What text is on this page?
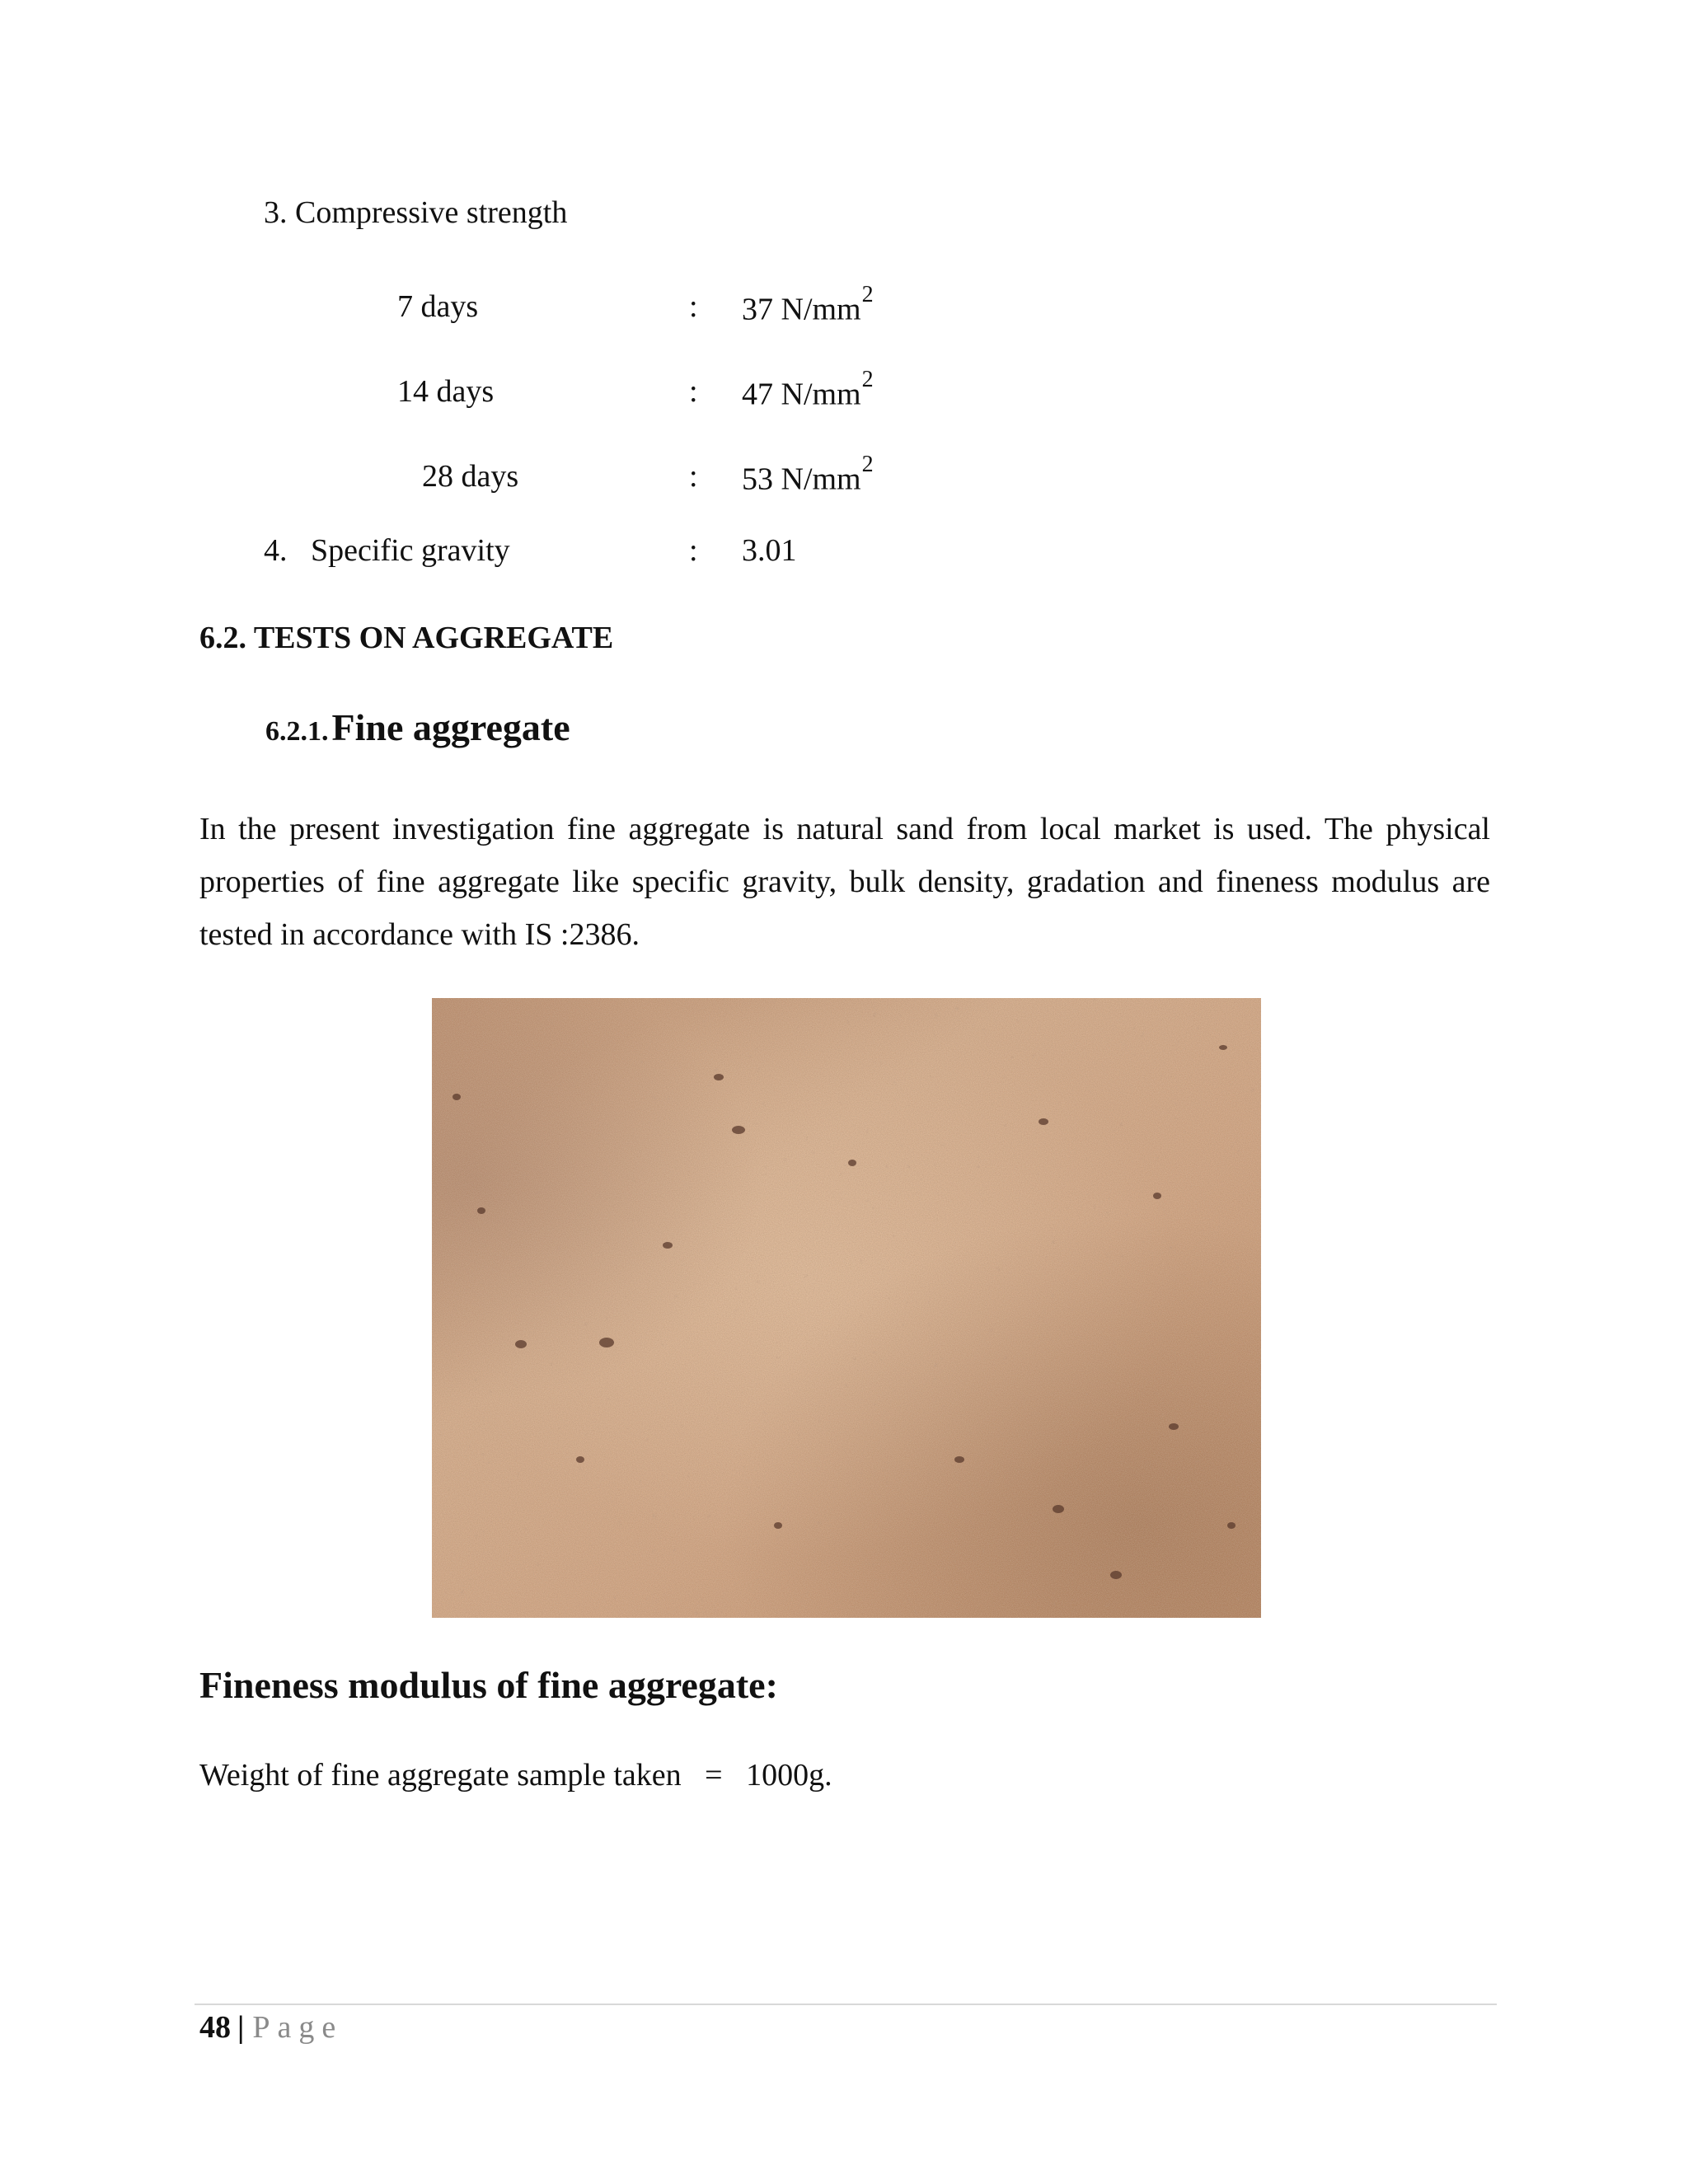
3. Compressive strength
7 days	: 37 $N/mm^2$
14 days	: 47 $N/mm^2$
28 days	: 53 $N/mm^2$
4.   Specific gravity	: 3.01
6.2. TESTS ON AGGREGATE
6.2.1. Fine aggregate
In the present investigation fine aggregate is natural sand from local market is used. The physical properties of fine aggregate like specific gravity, bulk density, gradation and fineness modulus are tested in accordance with IS :2386.
Fineness modulus of fine aggregate:
Weight of fine aggregate sample taken   =   1000g.
48 | Page
